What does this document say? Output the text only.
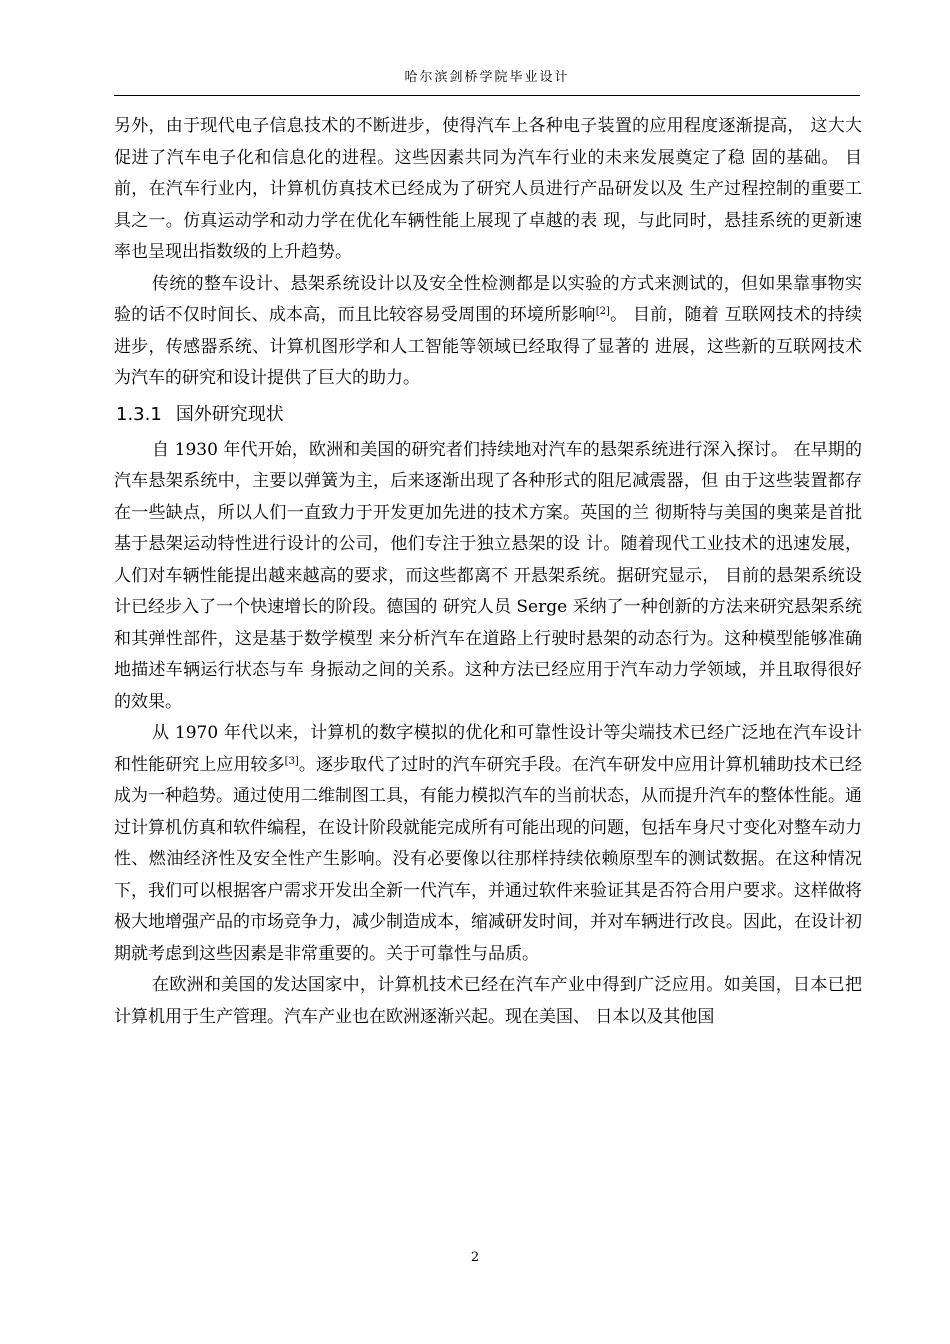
哈尔滨剑桥学院毕业设计

另外，由于现代电子信息技术的不断进步，使得汽车上各种电子装置的应用程度逐渐提高， 这大大促进了汽车电子化和信息化的进程。这些因素共同为汽车行业的未来发展奠定了稳 固的基础。 目前，在汽车行业内，计算机仿真技术已经成为了研究人员进行产品研发以及 生产过程控制的重要工具之一。仿真运动学和动力学在优化车辆性能上展现了卓越的表 现，与此同时，悬挂系统的更新速率也呈现出指数级的上升趋势。

传统的整车设计、悬架系统设计以及安全性检测都是以实验的方式来测试的，但如果靠事物实验的话不仅时间长、成本高，而且比较容易受周围的环境所影响[2]。 目前，随着 互联网技术的持续进步，传感器系统、计算机图形学和人工智能等领域已经取得了显著的 进展，这些新的互联网技术为汽车的研究和设计提供了巨大的助力。

1.3.1 国外研究现状

自 1930 年代开始，欧洲和美国的研究者们持续地对汽车的悬架系统进行深入探讨。 在早期的汽车悬架系统中，主要以弹簧为主，后来逐渐出现了各种形式的阻尼减震器，但 由于这些装置都存在一些缺点，所以人们一直致力于开发更加先进的技术方案。英国的兰 彻斯特与美国的奥莱是首批基于悬架运动特性进行设计的公司，他们专注于独立悬架的设 计。随着现代工业技术的迅速发展，人们对车辆性能提出越来越高的要求，而这些都离不 开悬架系统。据研究显示， 目前的悬架系统设计已经步入了一个快速增长的阶段。德国的 研究人员 Serge 采纳了一种创新的方法来研究悬架系统和其弹性部件，这是基于数学模型 来分析汽车在道路上行驶时悬架的动态行为。这种模型能够准确地描述车辆运行状态与车 身振动之间的关系。这种方法已经应用于汽车动力学领域，并且取得很好的效果。

从 1970 年代以来，计算机的数字模拟的优化和可靠性设计等尖端技术已经广泛地在汽车设计和性能研究上应用较多[3]。逐步取代了过时的汽车研究手段。在汽车研发中应用计算机辅助技术已经成为一种趋势。通过使用二维制图工具，有能力模拟汽车的当前状态，从而提升汽车的整体性能。通过计算机仿真和软件编程，在设计阶段就能完成所有可能出现的问题，包括车身尺寸变化对整车动力性、燃油经济性及安全性产生影响。没有必要像以往那样持续依赖原型车的测试数据。在这种情况下，我们可以根据客户需求开发出全新一代汽车，并通过软件来验证其是否符合用户要求。这样做将极大地增强产品的市场竞争力，减少制造成本，缩减研发时间，并对车辆进行改良。因此，在设计初期就考虑到这些因素是非常重要的。关于可靠性与品质。

在欧洲和美国的发达国家中，计算机技术已经在汽车产业中得到广泛应用。如美国，日本已把计算机用于生产管理。汽车产业也在欧洲逐渐兴起。现在美国、 日本以及其他国

2
